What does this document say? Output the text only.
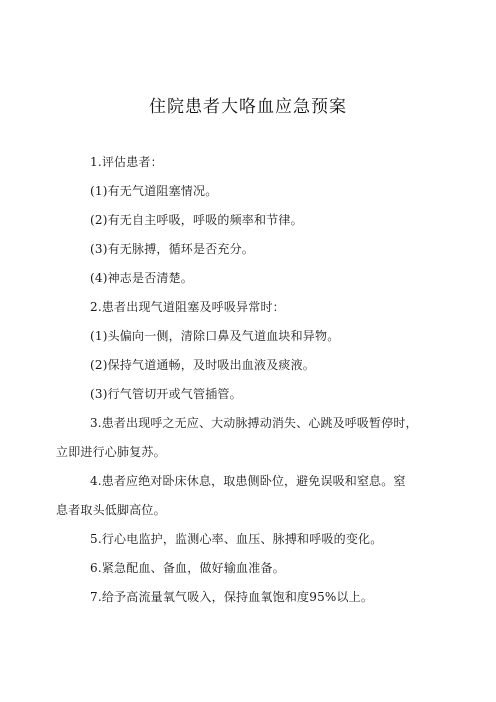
住院患者大咯血应急预案
1.评估患者：
(1)有无气道阻塞情况。
(2)有无自主呼吸，呼吸的频率和节律。
(3)有无脉搏，循环是否充分。
(4)神志是否清楚。
2.患者出现气道阻塞及呼吸异常时：
(1)头偏向一侧，清除口鼻及气道血块和异物。
(2)保持气道通畅，及时吸出血液及痰液。
(3)行气管切开或气管插管。
3.患者出现呼之无应、大动脉搏动消失、心跳及呼吸暂停时，
立即进行心肺复苏。
4.患者应绝对卧床休息，取患侧卧位，避免误吸和窒息。窒
息者取头低脚高位。
5.行心电监护，监测心率、血压、脉搏和呼吸的变化。
6.紧急配血、备血，做好输血准备。
7.给予高流量氧气吸入，保持血氧饱和度95%以上。
